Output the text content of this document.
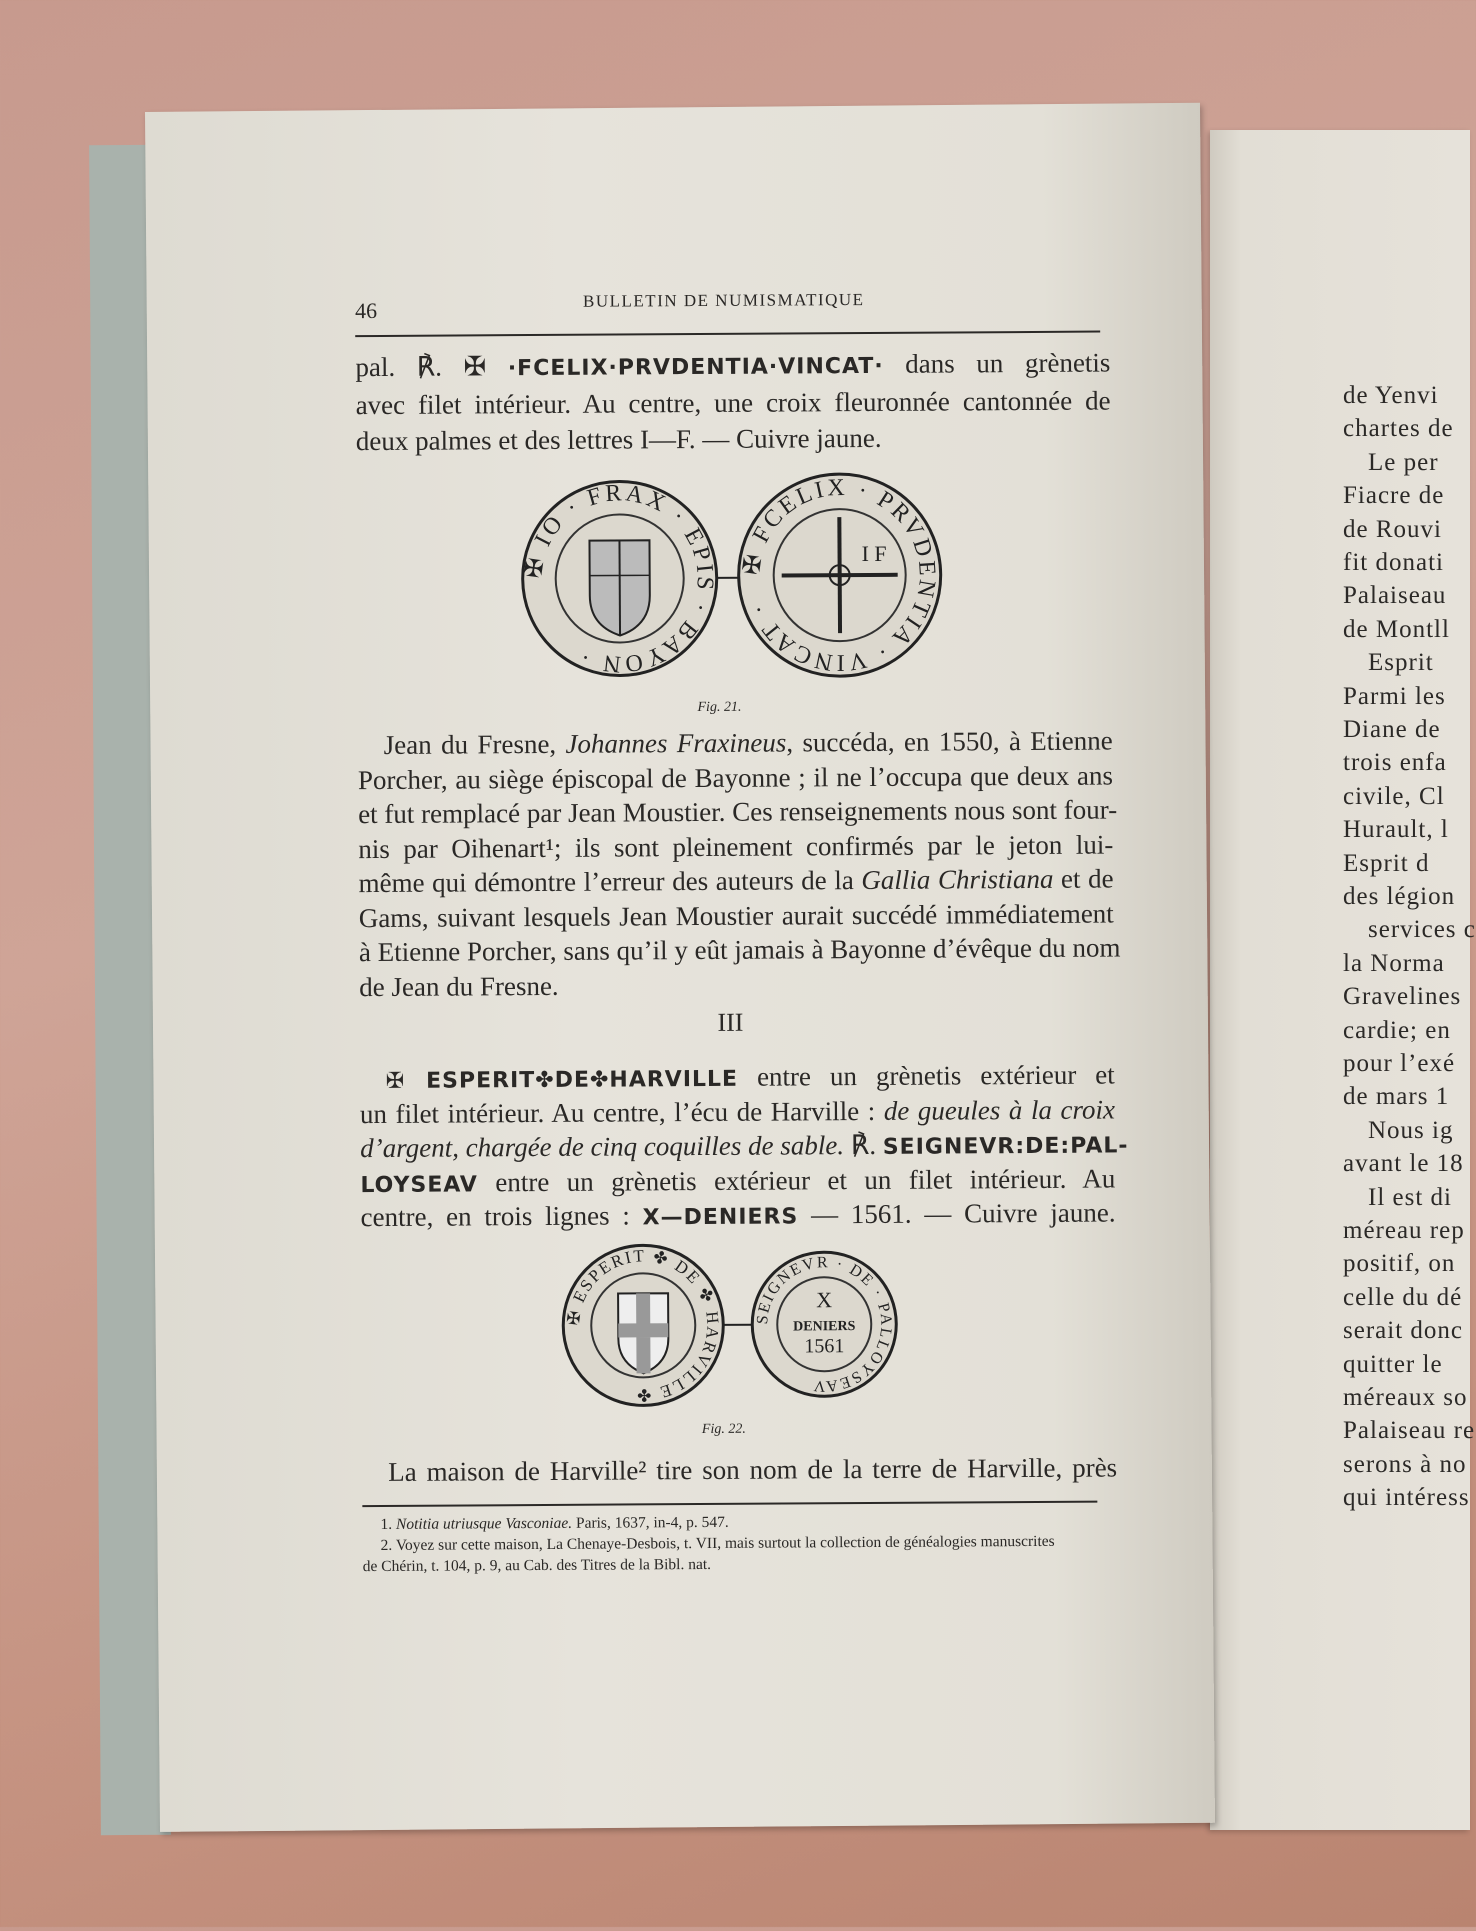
de Yenvi
chartes de
Le per
Fiacre de
de Rouvi
fit donati
Palaiseau
de Montll
Esprit
Parmi les
Diane de
trois enfa
civile, Cl
Hurault, l
Esprit d
des légion
services c
la Norma
Gravelines
cardie; en
pour l’exé
de mars 1
Nous ig
avant le 18
Il est di
méreau rep
positif, on
celle du dé
serait donc
quitter le
méreaux so
Palaiseau re
serons à no
qui intéress
46	BULLETIN DE NUMISMATIQUE
pal. ℟. ✠ ·FCELIX·PRVDENTIA·VINCAT· dans un grènetis
avec filet intérieur. Au centre, une croix fleuronnée cantonnée de
deux palmes et des lettres I—F. — Cuivre jaune.
✠ IO · FRAX · EPIS · BAYON ·
✠ FCELIX · PRVDENTIA · VINCAT ·
I F
Fig. 21.
Jean du Fresne, Johannes Fraxineus, succéda, en 1550, à Etienne
Porcher, au siège épiscopal de Bayonne ; il ne l’occupa que deux ans
et fut remplacé par Jean Moustier. Ces renseignements nous sont four-
nis par Oihenart¹; ils sont pleinement confirmés par le jeton lui-
même qui démontre l’erreur des auteurs de la Gallia Christiana et de
Gams, suivant lesquels Jean Moustier aurait succédé immédiatement
à Etienne Porcher, sans qu’il y eût jamais à Bayonne d’évêque du nom
de Jean du Fresne.
III
✠ ESPERIT✤DE✤HARVILLE entre un grènetis extérieur et
un filet intérieur. Au centre, l’écu de Harville : de gueules à la croix
d’argent, chargée de cinq coquilles de sable. ℟. SEIGNEVR:DE:PAL-
LOYSEAV entre un grènetis extérieur et un filet intérieur. Au
centre, en trois lignes : X—DENIERS — 1561. — Cuivre jaune.
✠ ESPERIT ✤ DE ✤ HARVILLE ✤
SEIGNEVR · DE · PALLOYSEAV
X
DENIERS
1561
Fig. 22.
La maison de Harville² tire son nom de la terre de Harville, près
1. Notitia utriusque Vasconiae. Paris, 1637, in-4, p. 547.
2. Voyez sur cette maison, La Chenaye-Desbois, t. VII, mais surtout la collection de généalogies manuscrites
de Chérin, t. 104, p. 9, au Cab. des Titres de la Bibl. nat.
